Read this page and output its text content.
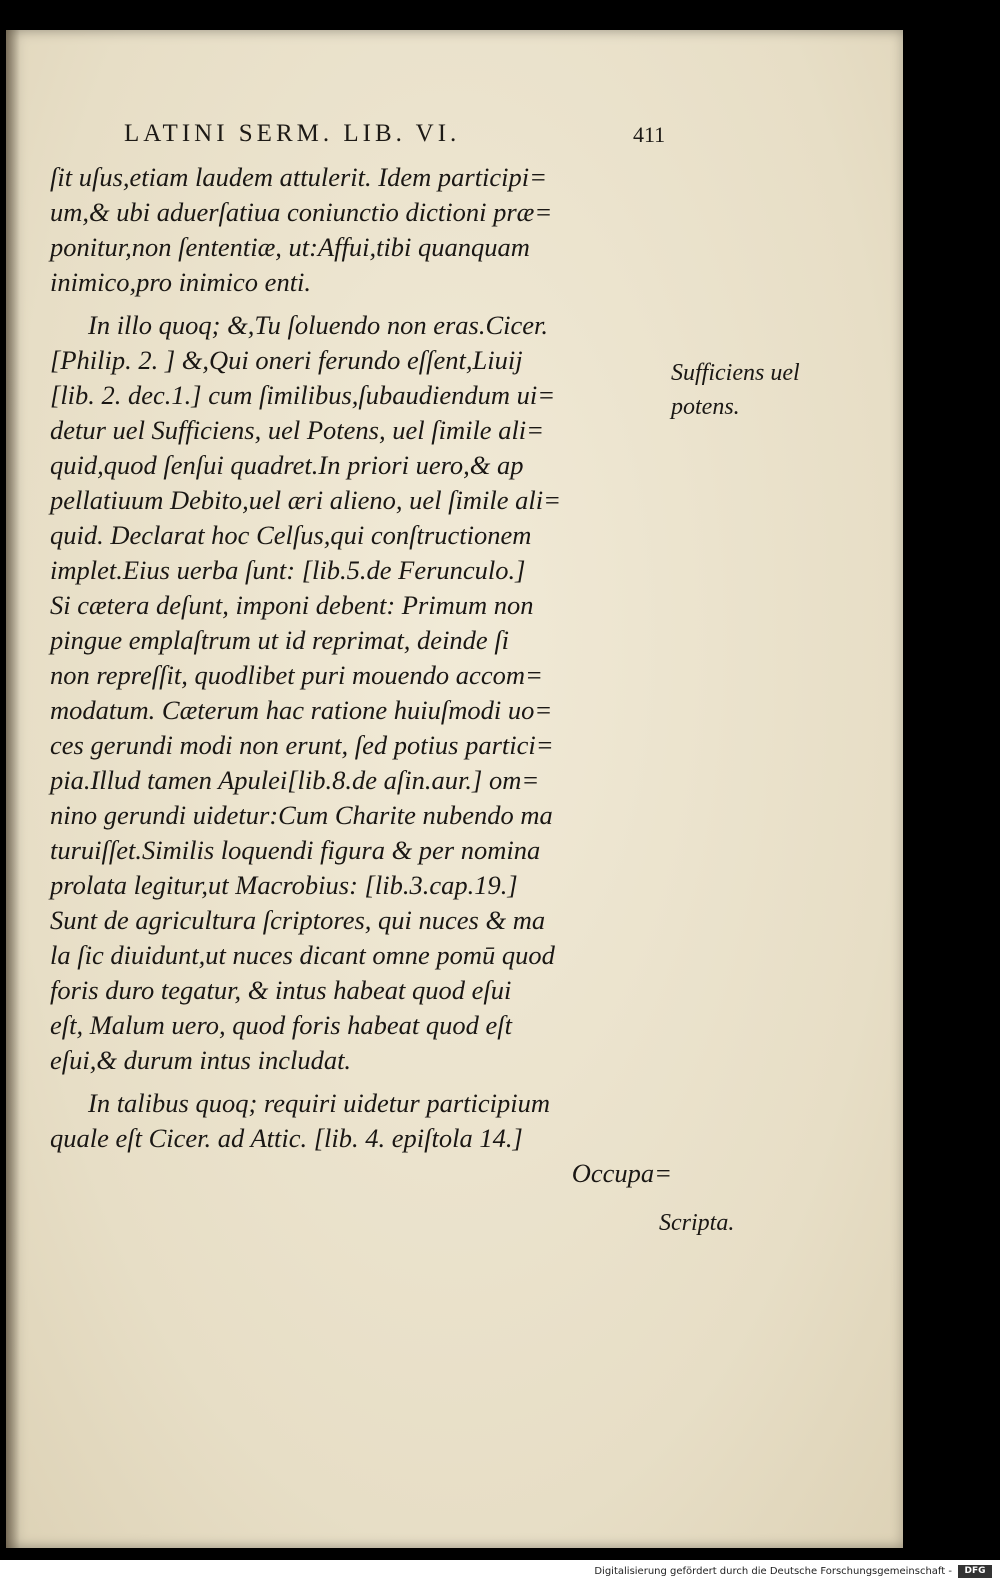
LATINI SERM. LIB. VI.	411
ſit uſus,etiam laudem attulerit. Idem participi=
um,& ubi aduerſatiua coniunctio dictioni præ=
ponitur,non ſententiæ, ut:Affui,tibi quanquam
inimico,pro inimico enti.
In illo quoq; &,Tu ſoluendo non eras.Cicer.
[Philip. 2. ] &,Qui oneri ferundo eſſent,Liuij
[lib. 2. dec.1.] cum ſimilibus,ſubaudiendum ui=
detur uel Sufficiens, uel Potens, uel ſimile ali=
quid,quod ſenſui quadret.In priori uero,& ap
pellatiuum Debito,uel æri alieno, uel ſimile ali=
quid. Declarat hoc Celſus,qui conſtructionem
implet.Eius uerba ſunt: [lib.5.de Ferunculo.]
Si cætera deſunt, imponi debent: Primum non
pingue emplaſtrum ut id reprimat, deinde ſi
non repreſſit, quodlibet puri mouendo accom=
modatum. Cæterum hac ratione huiuſmodi uo=
ces gerundi modi non erunt, ſed potius partici=
pia.Illud tamen Apulei[lib.8.de aſin.aur.] om=
nino gerundi uidetur:Cum Charite nubendo ma
turuiſſet.Similis loquendi figura & per nomina
prolata legitur,ut Macrobius: [lib.3.cap.19.]
Sunt de agricultura ſcriptores, qui nuces & ma
la ſic diuidunt,ut nuces dicant omne pomū quod
foris duro tegatur, & intus habeat quod eſui
eſt, Malum uero, quod foris habeat quod eſt
eſui,& durum intus includat.
In talibus quoq; requiri uidetur participium
quale eſt Cicer. ad Attic. [lib. 4. epiſtola 14.]
Occupa=
Sufficiens uel
potens.
Scripta.
Digitalisierung gefördert durch die Deutsche Forschungsgemeinschaft -	DFG
